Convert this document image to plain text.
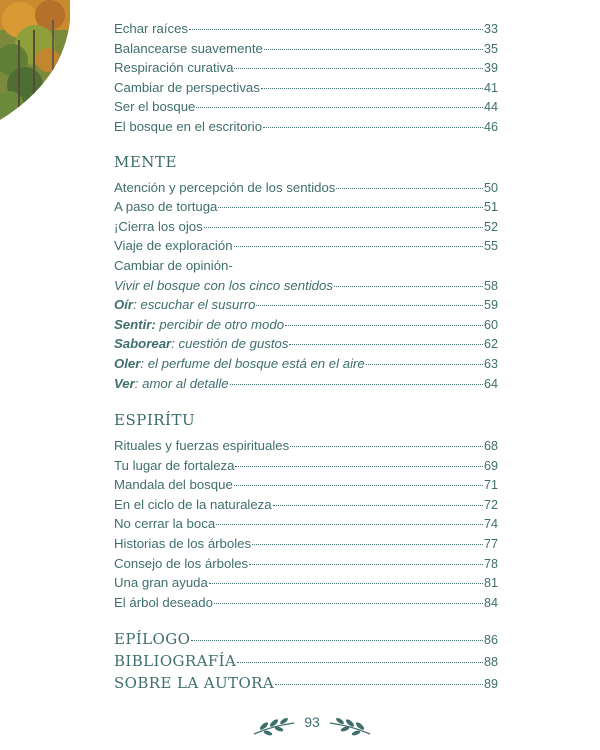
Echar raíces	33
Balancearse suavemente	35
Respiración curativa	39
Cambiar de perspectivas	41
Ser el bosque	44
El bosque en el escritorio	46
MENTE
Atención y percepción de los sentidos	50
A paso de tortuga	51
¡Cierra los ojos	52
Viaje de exploración	55
Cambiar de opinión-
Vivir el bosque con los cinco sentidos	58
Oír: escuchar el susurro	59
Sentir: percibir de otro modo	60
Saborear: cuestión de gustos	62
Oler: el perfume del bosque está en el aire	63
Ver: amor al detalle	64
ESPIRÍTU
Rituales y fuerzas espirituales	68
Tu lugar de fortaleza	69
Mandala del bosque	71
En el ciclo de la naturaleza	72
No cerrar la boca	74
Historias de los árboles	77
Consejo de los árboles	78
Una gran ayuda	81
El árbol deseado	84
EPÍLOGO	86
BIBLIOGRAFÍA	88
SOBRE LA AUTORA	89
93
